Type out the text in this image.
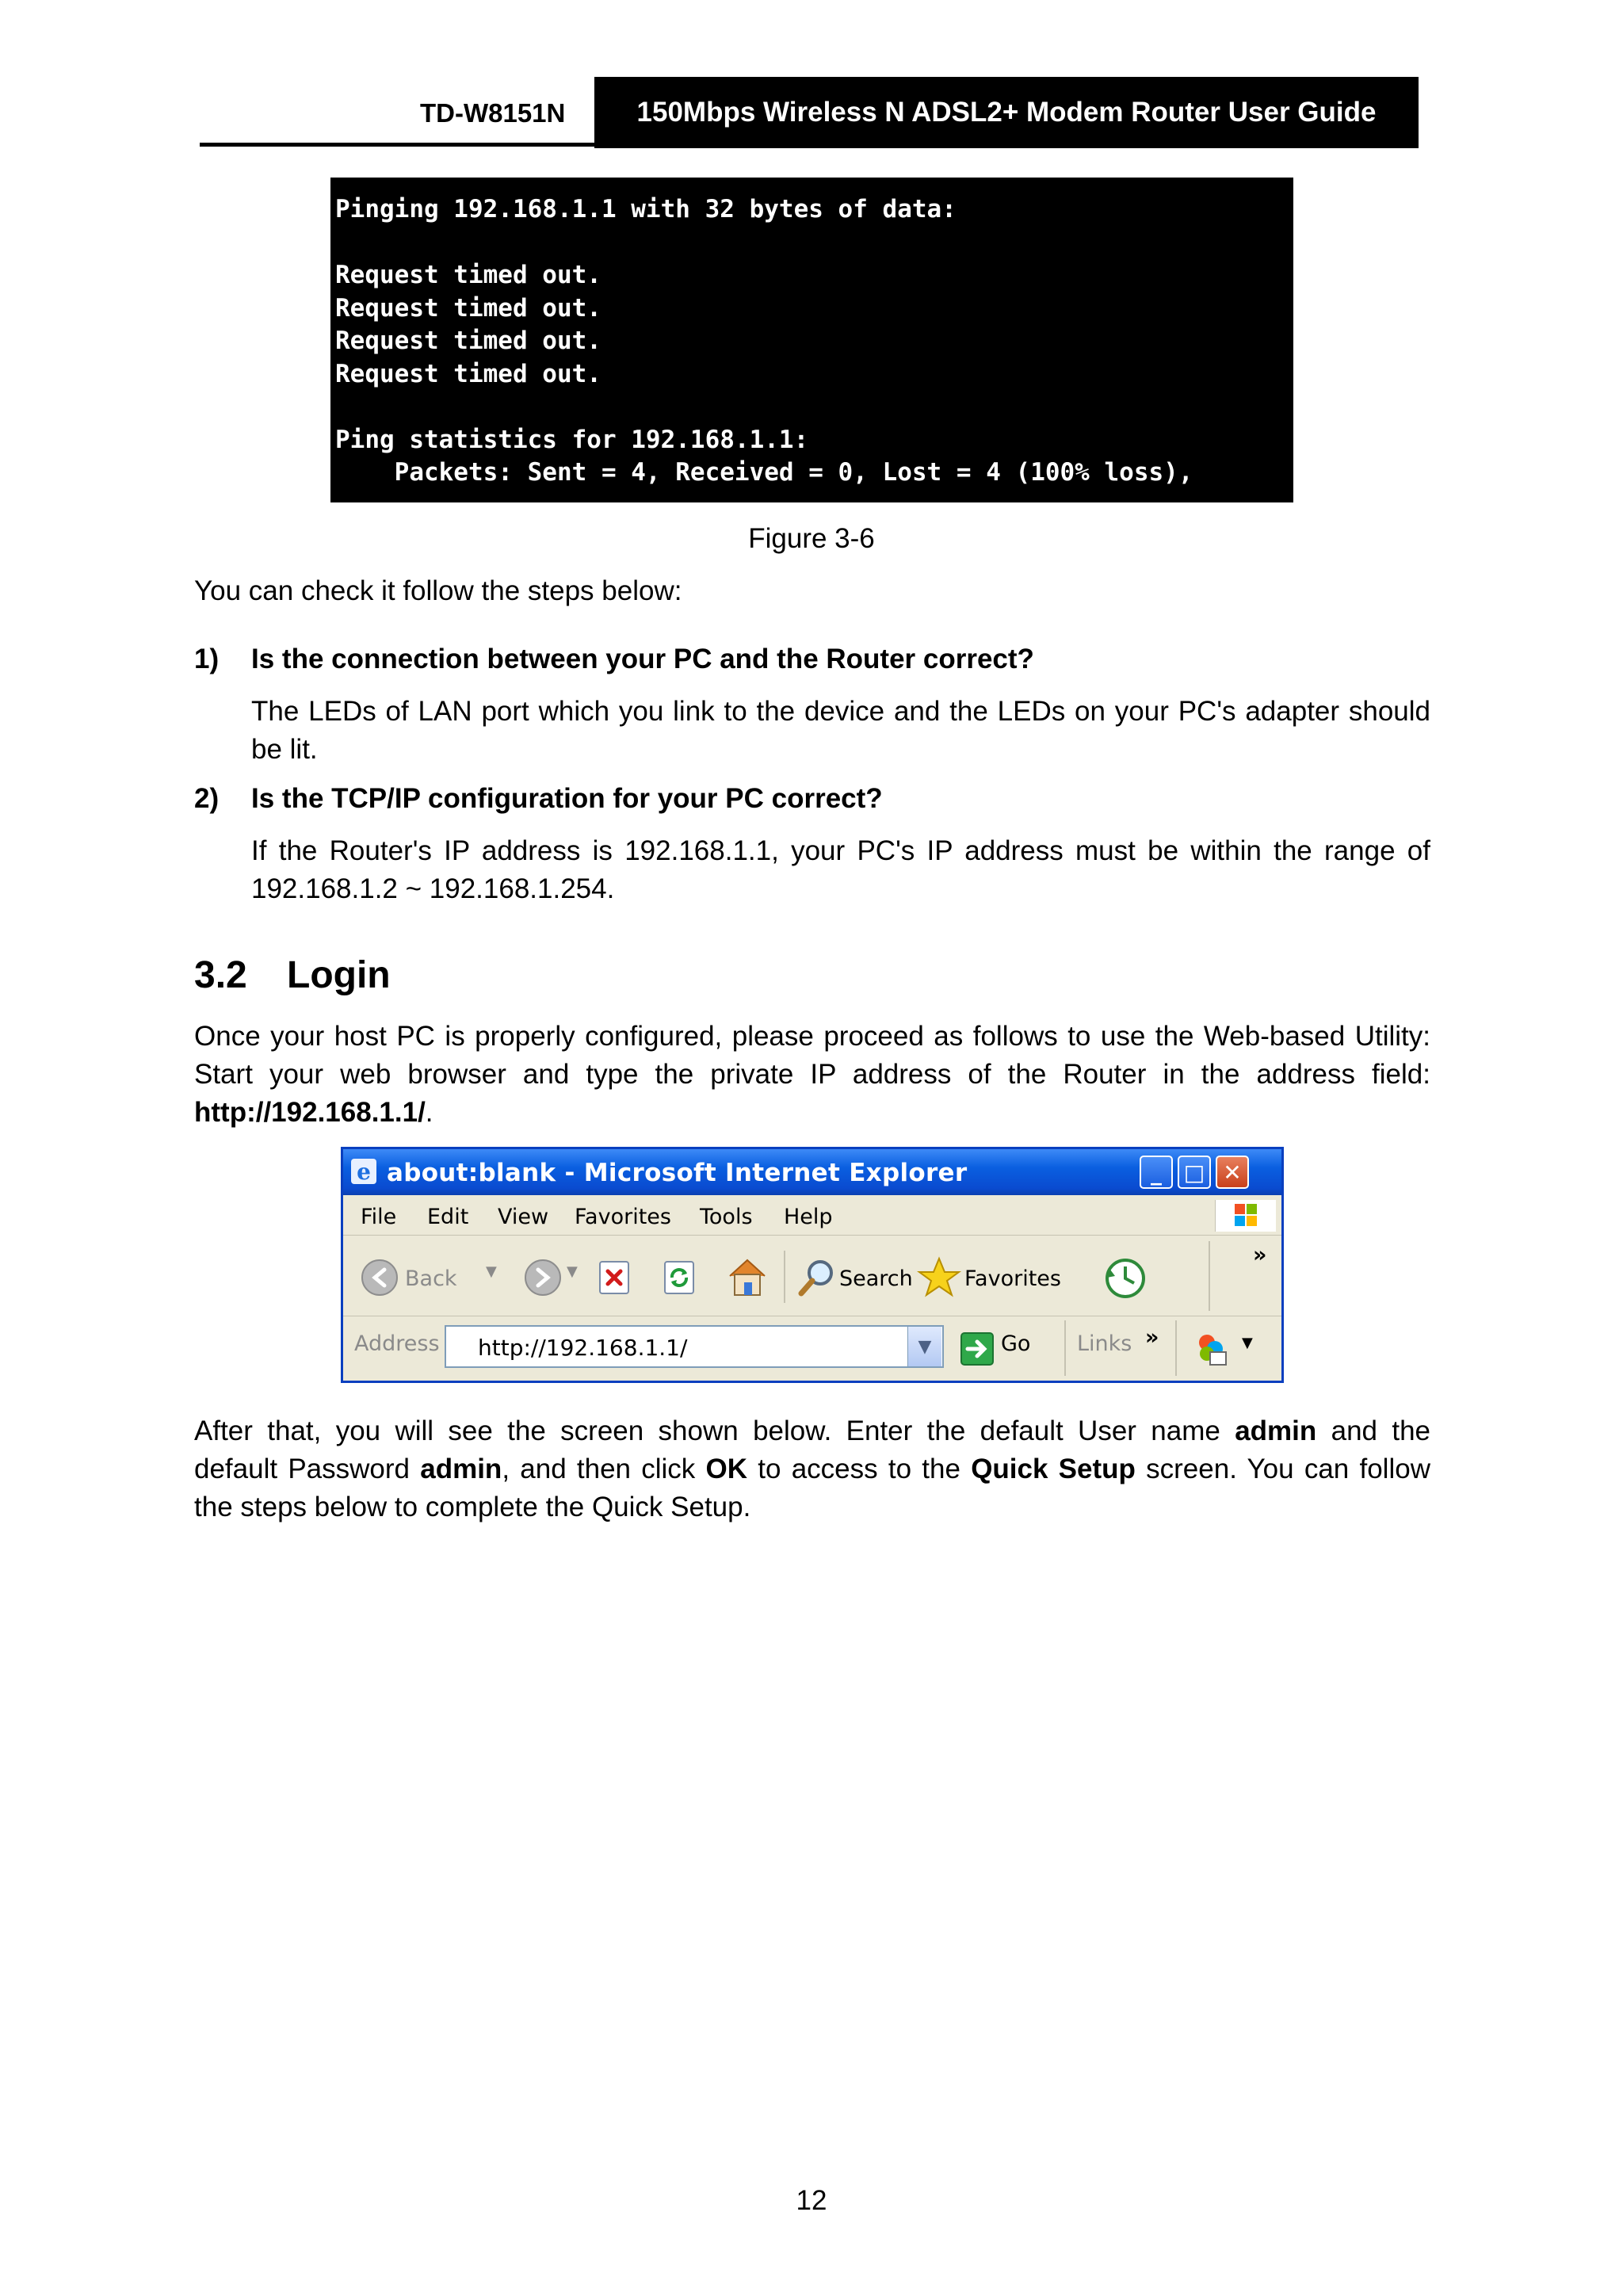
TD-W8151N	150Mbps Wireless N ADSL2+ Modem Router User Guide
Pinging 192.168.1.1 with 32 bytes of data:
Request timed out.
Request timed out.
Request timed out.
Request timed out.
Ping statistics for 192.168.1.1:
Packets: Sent = 4, Received = 0, Lost = 4 (100% loss),
Figure 3-6
You can check it follow the steps below:
1) Is the connection between your PC and the Router correct?
The LEDs of LAN port which you link to the device and the LEDs on your PC's adapter should
be lit.
2) Is the TCP/IP configuration for your PC correct?
If the Router's IP address is 192.168.1.1, your PC's IP address must be within the range of
192.168.1.2 ~ 192.168.1.254.
3.2 Login
Once your host PC is properly configured, please proceed as follows to use the Web-based Utility:
Start your web browser and type the private IP address of the Router in the address field:
http://192.168.1.1/.
e about:blank - Microsoft Internet Explorer	_ □ ✕
File Edit View Favorites Tools Help
Back ▼	▼	Search Favorites
»
Address	http://192.168.1.1/	▼	Go Links »	▼
After that, you will see the screen shown below. Enter the default User name admin and the
default Password admin, and then click OK to access to the Quick Setup screen. You can follow
the steps below to complete the Quick Setup.
12
